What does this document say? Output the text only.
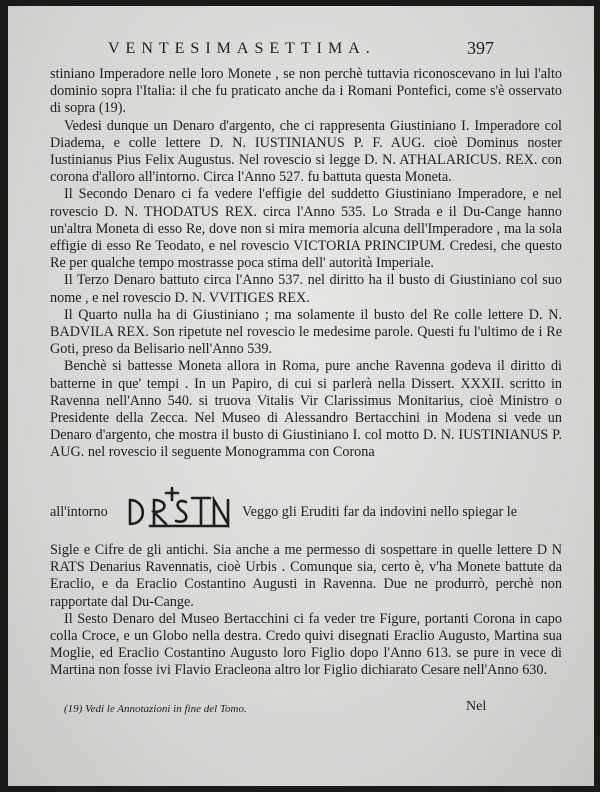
VENTESIMASETTIMA.	397

stiniano Imperadore nelle loro Monete , se non perchè tuttavia riconoscevano in lui l'alto dominio sopra l'Italia: il che fu praticato anche da i Romani Pontefici, come s'è osservato di sopra (19).

Vedesi dunque un Denaro d'argento, che ci rappresenta Giustiniano I. Imperadore col Diadema, e colle lettere D. N. IUSTINIANUS P. F. AUG. cioè Dominus noster Iustinianus Pius Felix Augustus. Nel rovescio si legge D. N. ATHALARICUS. REX. con corona d'alloro all'intorno. Circa l'Anno 527. fu battuta questa Moneta.

Il Secondo Denaro ci fa vedere l'effigie del suddetto Giustiniano Imperadore, e nel rovescio D. N. THODATUS REX. circa l'Anno 535. Lo Strada e il Du-Cange hanno un'altra Moneta di esso Re, dove non si mira memoria alcuna dell'Imperadore , ma la sola effigie di esso Re Teodato, e nel rovescio VICTORIA PRINCIPUM. Credesi, che questo Re per qualche tempo mostrasse poca stima dell' autorità Imperiale.

Il Terzo Denaro battuto circa l'Anno 537. nel diritto ha il busto di Giustiniano col suo nome , e nel rovescio D. N. VVITIGES REX.

Il Quarto nulla ha di Giustiniano ; ma solamente il busto del Re colle lettere D. N. BADVILA REX. Son ripetute nel rovescio le medesime parole. Questi fu l'ultimo de i Re Goti, preso da Belisario nell'Anno 539.

Benchè si battesse Moneta allora in Roma, pure anche Ravenna godeva il diritto di batterne in que' tempi . In un Papiro, di cui si parlerà nella Dissert. XXXII. scritto in Ravenna nell'Anno 540. si truova Vitalis Vir Clarissimus Monitarius, cioè Ministro o Presidente della Zecca. Nel Museo di Alessandro Bertacchini in Modena si vede un Denaro d'argento, che mostra il busto di Giustiniano I. col motto D. N. IUSTINIANUS P. AUG. nel rovescio il seguente Monogramma con Corona

all'intorno	Veggo gli Eruditi far da indovini nello spiegar le

Sigle e Cifre de gli antichi. Sia anche a me permesso di sospettare in quelle lettere D N RATS Denarius Ravennatis, cioè Urbis . Comunque sia, certo è, v'ha Monete battute da Eraclio, e da Eraclio Costantino Augusti in Ravenna. Due ne produrrò, perchè non rapportate dal Du-Cange.

Il Sesto Denaro del Museo Bertacchini ci fa veder tre Figure, portanti Corona in capo colla Croce, e un Globo nella destra. Credo quivi disegnati Eraclio Augusto, Martina sua Moglie, ed Eraclio Costantino Augusto loro Figlio dopo l'Anno 613. se pure in vece di Martina non fosse ivi Flavio Eracleona altro lor Figlio dichiarato Cesare nell'Anno 630.

(19) Vedi le Annotazioni in fine del Tomo.	Nel
